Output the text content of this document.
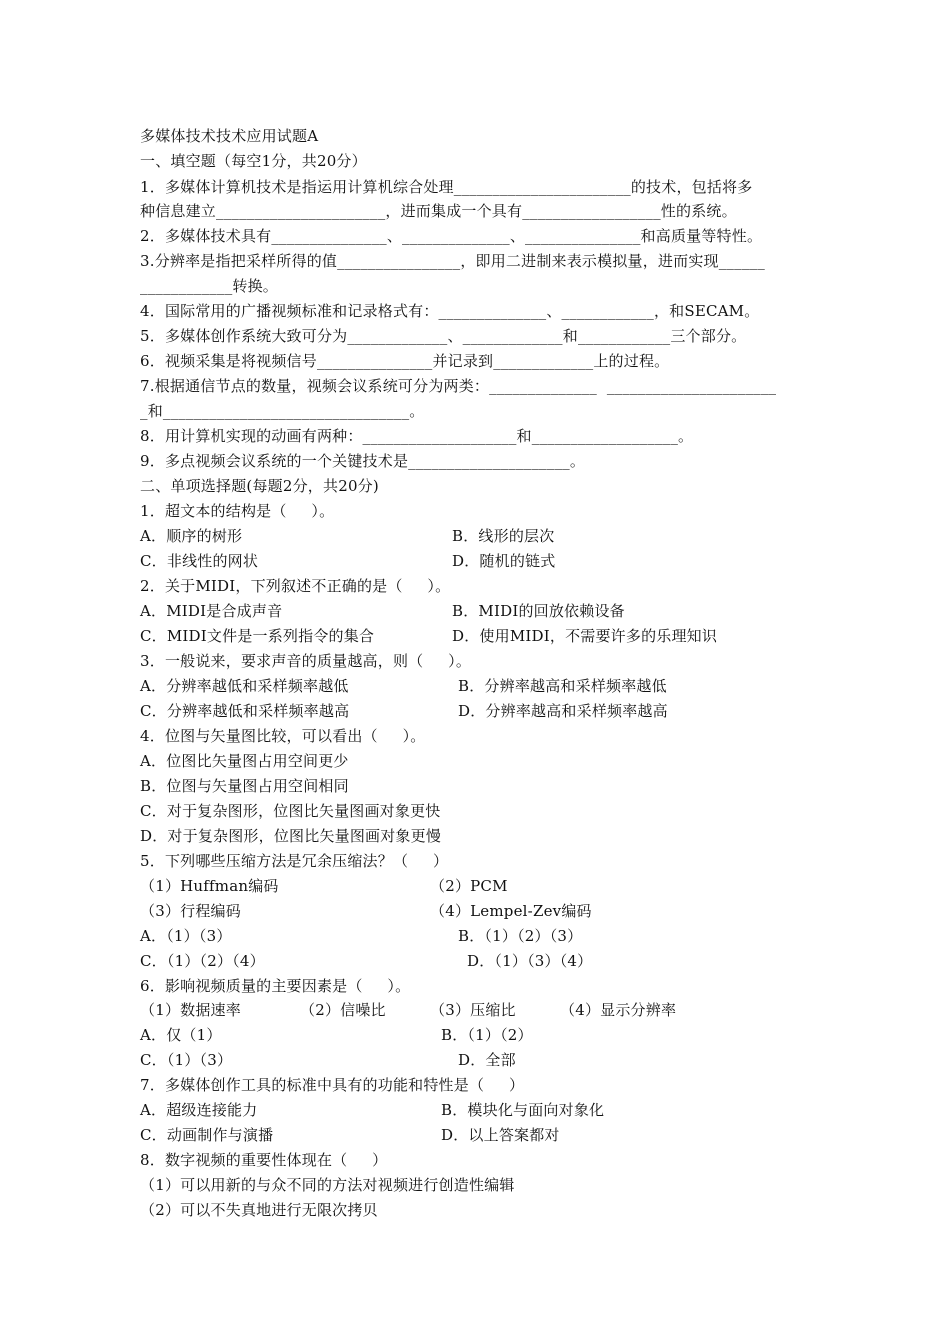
多媒体技术技术应用试题A
一、填空题（每空1分，共20分）
1．多媒体计算机技术是指运用计算机综合处理_______________________的技术，包括将多
种信息建立______________________，进而集成一个具有__________________性的系统。
2．多媒体技术具有_______________、______________、_______________和高质量等特性。
3.分辨率是指把采样所得的值________________，即用二进制来表示模拟量，进而实现______
____________转换。
4．国际常用的广播视频标准和记录格式有：______________、____________，和SECAM。
5．多媒体创作系统大致可分为_____________、_____________和____________三个部分。
6．视频采集是将视频信号_______________并记录到_____________上的过程。
7.根据通信节点的数量，视频会议系统可分为两类：______________  ______________________
_和________________________________。
8．用计算机实现的动画有两种：____________________和___________________。
9．多点视频会议系统的一个关键技术是_____________________。
二、单项选择题(每题2分，共20分)
1．超文本的结构是（     ）。
A．顺序的树形	B．线形的层次
C．非线性的网状	D．随机的链式
2．关于MIDI，下列叙述不正确的是（     ）。
A．MIDI是合成声音	B．MIDI的回放依赖设备
C．MIDI文件是一系列指令的集合	D．使用MIDI，不需要许多的乐理知识
3．一般说来，要求声音的质量越高，则（     ）。
A．分辨率越低和采样频率越低	B．分辨率越高和采样频率越低
C．分辨率越低和采样频率越高	D．分辨率越高和采样频率越高
4．位图与矢量图比较，可以看出（     ）。
A．位图比矢量图占用空间更少
B．位图与矢量图占用空间相同
C．对于复杂图形，位图比矢量图画对象更快
D．对于复杂图形，位图比矢量图画对象更慢
5．下列哪些压缩方法是冗余压缩法？（     ）
（1）Huffman编码	（2）PCM
（3）行程编码	（4）Lempel-Zev编码
A．（1）（3）	B．（1）（2）（3）
C．（1）（2）（4）	D．（1）（3）（4）
6．影响视频质量的主要因素是（     ）。
（1）数据速率	（2）信噪比	（3）压缩比	（4）显示分辨率
A．仅（1）	B．（1）（2）
C．（1）（3）	D．全部
7．多媒体创作工具的标准中具有的功能和特性是（     ）
A．超级连接能力	B．模块化与面向对象化
C．动画制作与演播	D．以上答案都对
8．数字视频的重要性体现在（     ）
（1）可以用新的与众不同的方法对视频进行创造性编辑
（2）可以不失真地进行无限次拷贝
